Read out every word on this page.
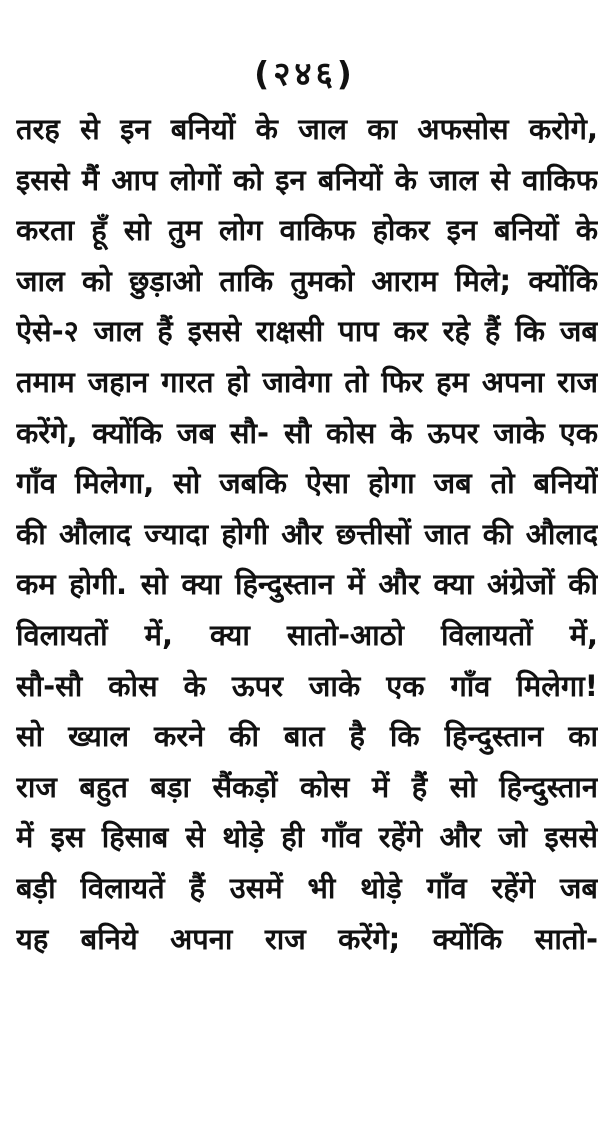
(२४६)
तरह से इन बनियों के जाल का अफसोस करोगे,
इससे मैं आप लोगों को इन बनियों के जाल से वाकिफ
करता हूँ सो तुम लोग वाकिफ होकर इन बनियों के
जाल को छुड़ाओ ताकि तुमको आराम मिले; क्योंकि
ऐसे-२ जाल हैं इससे राक्षसी पाप कर रहे हैं कि जब
तमाम जहान गारत हो जावेगा तो फिर हम अपना राज
करेंगे, क्योंकि जब सौ- सौ कोस के ऊपर जाके एक
गाँव मिलेगा, सो जबकि ऐसा होगा जब तो बनियों
की औलाद ज्यादा होगी और छत्तीसों जात की औलाद
कम होगी. सो क्या हिन्दुस्तान में और क्या अंग्रेजों की
विलायतों में, क्या सातो-आठो विलायतों में,
सौ-सौ कोस के ऊपर जाके एक गाँव मिलेगा!
सो ख्याल करने की बात है कि हिन्दुस्तान का
राज बहुत बड़ा सैंकड़ों कोस में हैं सो हिन्दुस्तान
में इस हिसाब से थोड़े ही गाँव रहेंगे और जो इससे
बड़ी विलायतें हैं उसमें भी थोड़े गाँव रहेंगे जब
यह बनिये अपना राज करेंगे; क्योंकि सातो-
